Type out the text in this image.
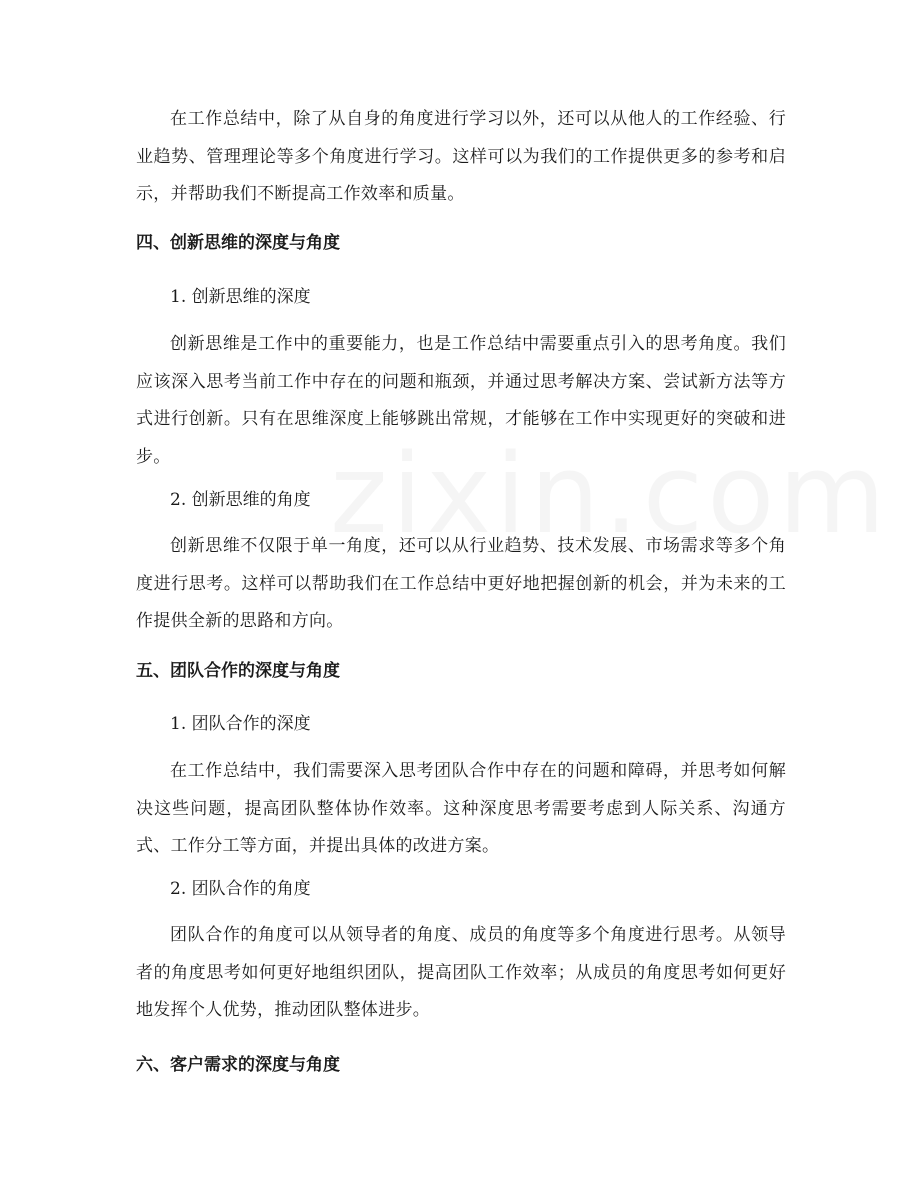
在工作总结中，除了从自身的角度进行学习以外，还可以从他人的工作经验、行业趋势、管理理论等多个角度进行学习。这样可以为我们的工作提供更多的参考和启示，并帮助我们不断提高工作效率和质量。

四、创新思维的深度与角度

1. 创新思维的深度

创新思维是工作中的重要能力，也是工作总结中需要重点引入的思考角度。我们应该深入思考当前工作中存在的问题和瓶颈，并通过思考解决方案、尝试新方法等方式进行创新。只有在思维深度上能够跳出常规，才能够在工作中实现更好的突破和进步。

2. 创新思维的角度

创新思维不仅限于单一角度，还可以从行业趋势、技术发展、市场需求等多个角度进行思考。这样可以帮助我们在工作总结中更好地把握创新的机会，并为未来的工作提供全新的思路和方向。

五、团队合作的深度与角度

1. 团队合作的深度

在工作总结中，我们需要深入思考团队合作中存在的问题和障碍，并思考如何解决这些问题，提高团队整体协作效率。这种深度思考需要考虑到人际关系、沟通方式、工作分工等方面，并提出具体的改进方案。

2. 团队合作的角度

团队合作的角度可以从领导者的角度、成员的角度等多个角度进行思考。从领导者的角度思考如何更好地组织团队，提高团队工作效率；从成员的角度思考如何更好地发挥个人优势，推动团队整体进步。

六、客户需求的深度与角度
